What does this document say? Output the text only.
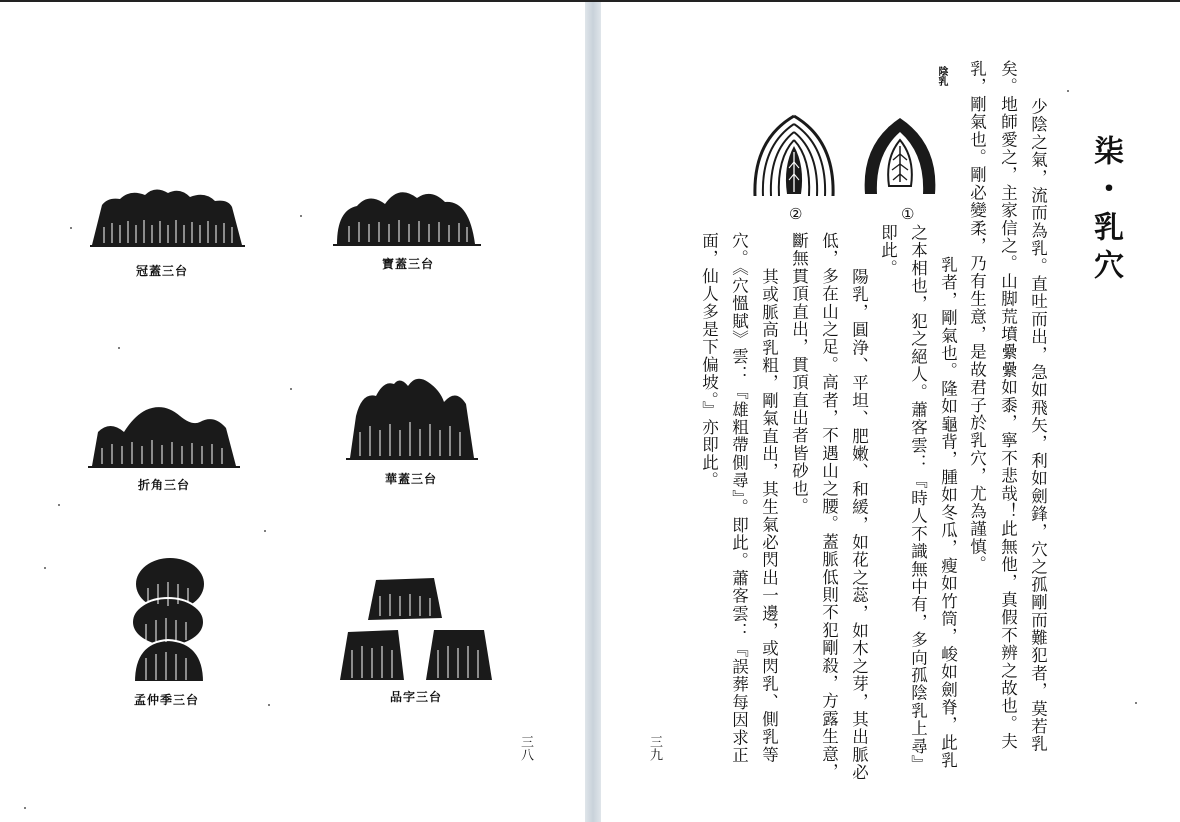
冠蓋三台	寶蓋三台
折角三台	華蓋三台
孟仲季三台	品字三台
三八
柒・乳穴
少陰之氣，流而為乳。直吐而出，急如飛矢，利如劍鋒，穴之孤剛而難犯者，莫若乳
矣。地師愛之，主家信之。山脚荒墳纍纍如黍，寧不悲哉！此無他，真假不辨之故也。夫
乳，剛氣也。剛必變柔，乃有生意，是故君子於乳穴，尤為謹慎。
陰乳
乳者，剛氣也。隆如龜背，腫如冬瓜，瘦如竹筒，峻如劍脊，此乳
之本相也，犯之絕人。蕭客雲：『時人不識無中有，多向孤陰乳上尋』
即此。
①
②
陽乳，圓浄、平坦、肥嫩、和緩，如花之蕊，如木之芽，其出脈必
低，多在山之足。高者，不遇山之腰。蓋脈低則不犯剛殺，方露生意，
斷無貫頂直出，貫頂直出者皆砂也。
其或脈高乳粗，剛氣直出，其生氣必閃出一邊，或閃乳、側乳等
穴。《穴慍賦》雲：『雄粗帶側尋』。即此。蕭客雲：『誤葬每因求正
面，仙人多是下偏坡。』亦即此。
三九
